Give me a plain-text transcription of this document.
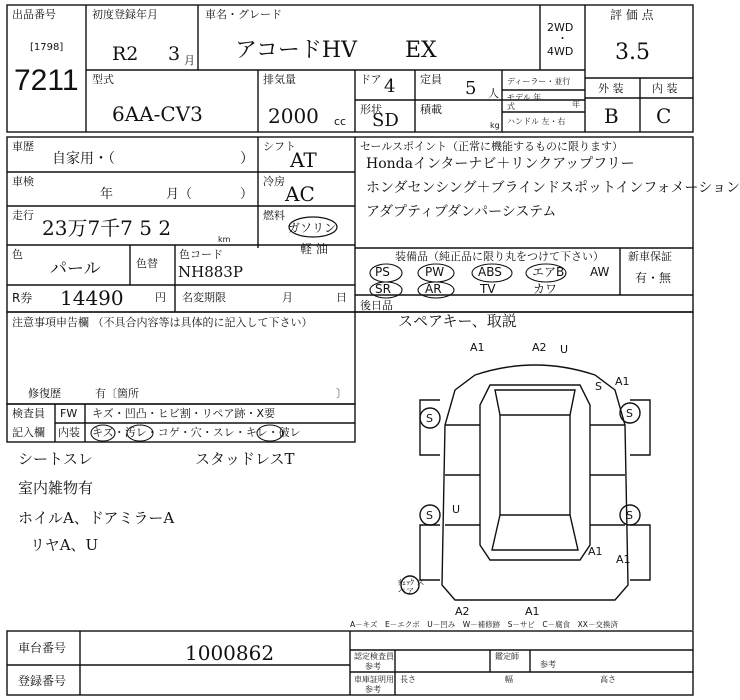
出品番号
[1798]
7211
初度登録年月
R2 3 月
車名・グレード
アコードHV EX
2WD
・
4WD
評 価 点
3.5
外 装	内 装
B C
型式
6AA-CV3
排気量
2000 cc
ドア 4 定員 5 人
ディーラー・並行
モデル 年式	年
形状
SD
積載
kg ハンドル 左・右
車歴
自家用・（	）
車検
年	月（	）
走行
23万7千7 5 2	km
色
パール	色替
色コード
NH883P
R券 14490	円 名変期限	月	日
注意事項申告欄 （不具合内容等は具体的に記入して下さい）
修復歴	有〔箇所	〕
シフト
AT
冷房
AC
燃料
ガソリン
軽 油
セールスポイント（正常に機能するものに限ります）
Hondaインターナビ＋リンクアップフリー
ホンダセンシング＋ブラインドスポットインフォメーション
アダプティブダンパーシステム
装備品（純正品に限り丸をつけて下さい） 新車保証
有・無
PS	PW	ABS	エアB AW
SR	AR	TV	カワ
後日品
スペアキー、取説
検査員
記入欄
FW キズ・凹凸・ヒビ割・リペア跡・X要
内装 キズ・汚レ・コゲ・穴・スレ・キレ・破レ
シートスレ
室内雑物有
ホイルA、ドアミラーA
リヤA、U
スタッドレスT
A1	A2
S	S
S	S
S
U
A1
A1
A2	A1
A1
U
ﾁｪｯｸ スペア
A－キズ　E－エクボ　U－凹み　W－補修跡　S－サビ　C－腐食　XX－交換済
車台番号	1000862
登録番号
認定検査員
参考
鑑定師
参考
車庫証明用
参考
長さ	幅	高さ
